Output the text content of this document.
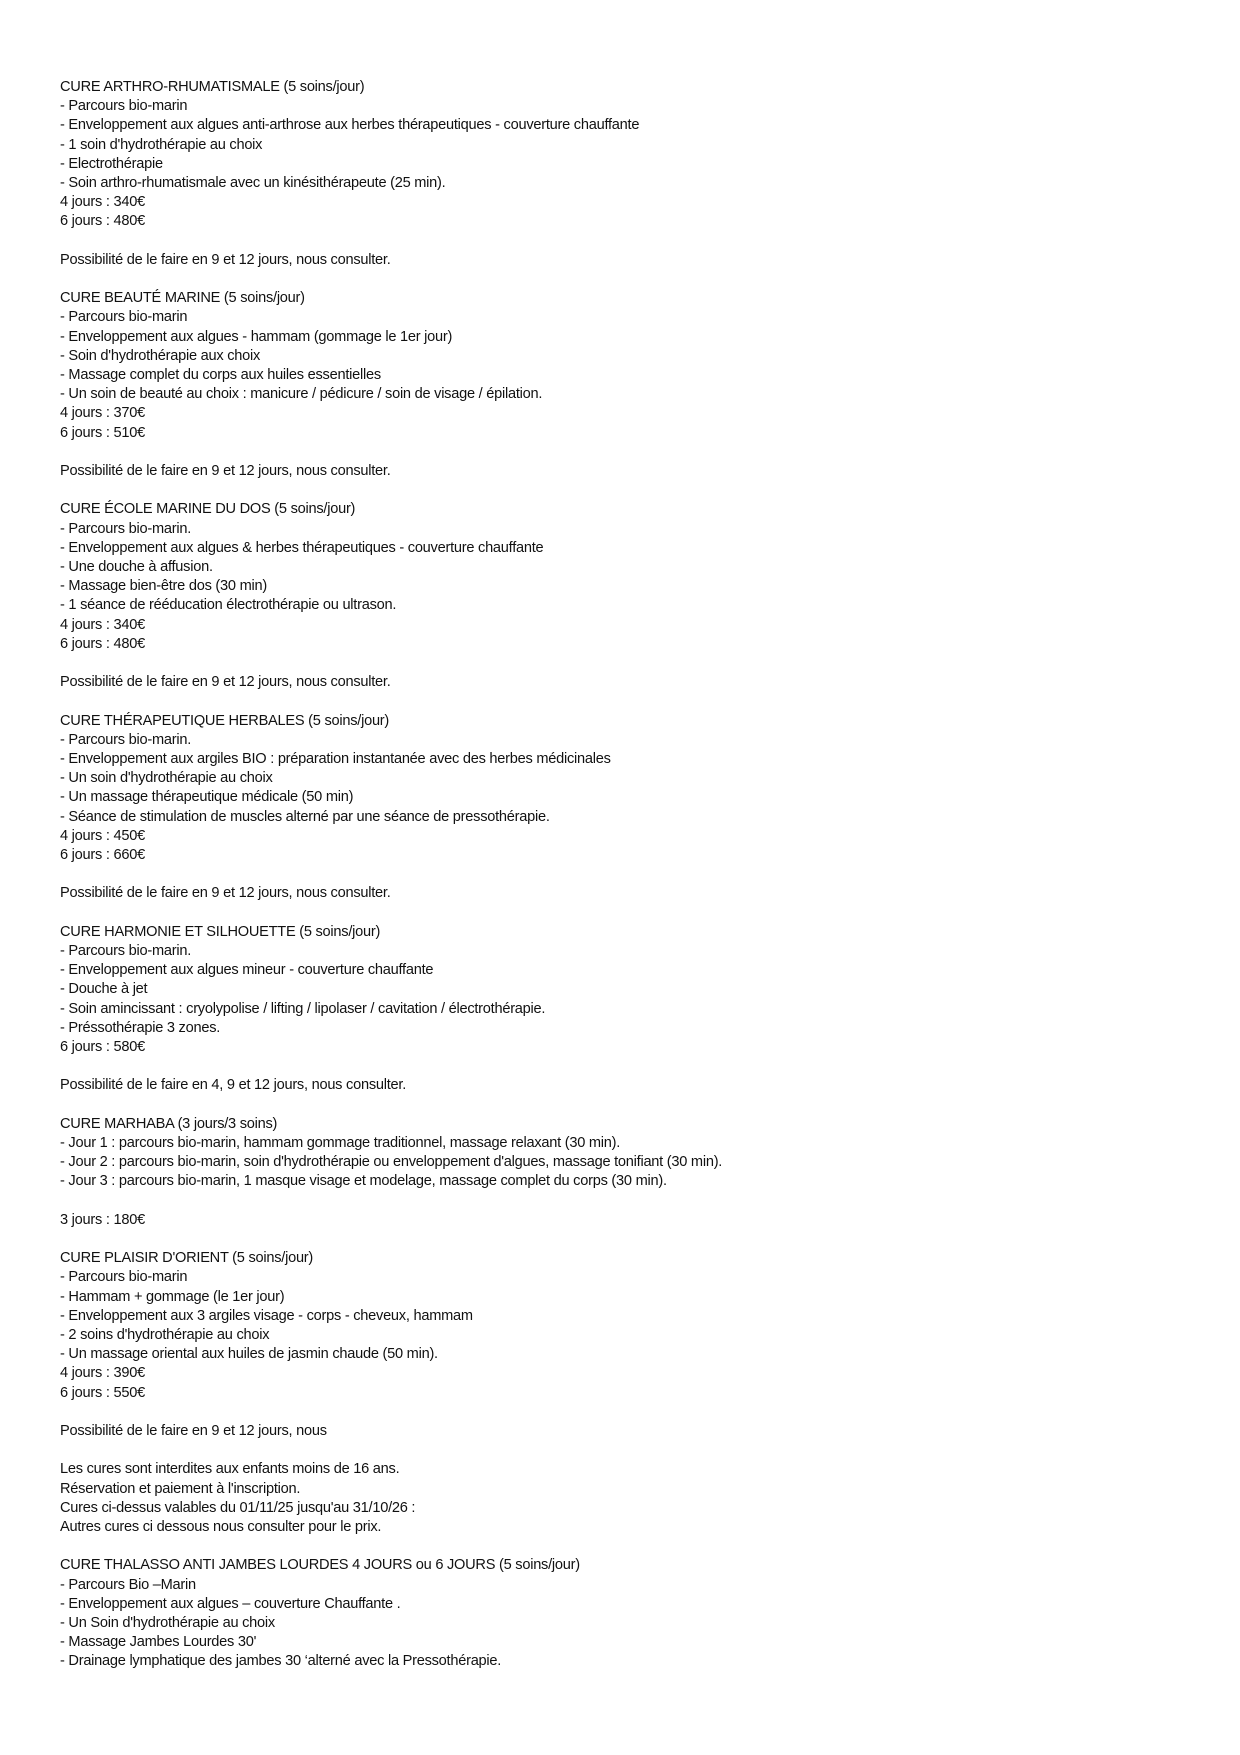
CURE ARTHRO-RHUMATISMALE (5 soins/jour)
- Parcours bio-marin
- Enveloppement aux algues anti-arthrose aux herbes thérapeutiques - couverture chauffante
- 1 soin d'hydrothérapie au choix
- Electrothérapie
- Soin arthro-rhumatismale avec un kinésithérapeute (25 min).
4 jours : 340€
6 jours : 480€
Possibilité de le faire en 9 et 12 jours, nous consulter.
CURE BEAUTÉ MARINE (5 soins/jour)
- Parcours bio-marin
- Enveloppement aux algues - hammam (gommage le 1er jour)
- Soin d'hydrothérapie aux choix
- Massage complet du corps aux huiles essentielles
- Un soin de beauté au choix : manicure / pédicure / soin de visage / épilation.
4 jours : 370€
6 jours : 510€
Possibilité de le faire en 9 et 12 jours, nous consulter.
CURE ÉCOLE MARINE DU DOS (5 soins/jour)
- Parcours bio-marin.
- Enveloppement aux algues & herbes thérapeutiques - couverture chauffante
- Une douche à affusion.
- Massage bien-être dos (30 min)
- 1 séance de rééducation électrothérapie ou ultrason.
4 jours : 340€
6 jours : 480€
Possibilité de le faire en 9 et 12 jours, nous consulter.
CURE THÉRAPEUTIQUE HERBALES (5 soins/jour)
- Parcours bio-marin.
- Enveloppement aux argiles BIO : préparation instantanée avec des herbes médicinales
- Un soin d'hydrothérapie au choix
- Un massage thérapeutique médicale (50 min)
- Séance de stimulation de muscles alterné par une séance de pressothérapie.
4 jours : 450€
6 jours : 660€
Possibilité de le faire en 9 et 12 jours, nous consulter.
CURE HARMONIE ET SILHOUETTE (5 soins/jour)
- Parcours bio-marin.
- Enveloppement aux algues mineur - couverture chauffante
- Douche à jet
- Soin amincissant : cryolypolise / lifting / lipolaser / cavitation / électrothérapie.
- Préssothérapie 3 zones.
6 jours : 580€
Possibilité de le faire en 4, 9 et 12 jours, nous consulter.
CURE MARHABA (3 jours/3 soins)
- Jour 1 : parcours bio-marin, hammam gommage traditionnel, massage relaxant (30 min).
- Jour 2 : parcours bio-marin, soin d'hydrothérapie ou enveloppement d'algues, massage tonifiant (30 min).
- Jour 3 : parcours bio-marin, 1 masque visage et modelage, massage complet du corps (30 min).
3 jours : 180€
CURE PLAISIR D'ORIENT (5 soins/jour)
- Parcours bio-marin
- Hammam + gommage (le 1er jour)
- Enveloppement aux 3 argiles visage - corps - cheveux, hammam
- 2 soins d'hydrothérapie au choix
- Un massage oriental aux huiles de jasmin chaude (50 min).
4 jours : 390€
6 jours : 550€
Possibilité de le faire en 9 et 12 jours, nous
Les cures sont interdites aux enfants moins de 16 ans.
Réservation et paiement à l'inscription.
Cures ci-dessus valables du 01/11/25 jusqu'au 31/10/26 :
Autres cures ci dessous nous consulter pour le prix.
CURE THALASSO ANTI JAMBES LOURDES 4 JOURS ou 6 JOURS (5 soins/jour)
- Parcours Bio –Marin
- Enveloppement aux algues – couverture Chauffante .
- Un Soin d'hydrothérapie au choix
- Massage Jambes Lourdes 30'
- Drainage lymphatique des jambes 30 ‘alterné avec la Pressothérapie.
